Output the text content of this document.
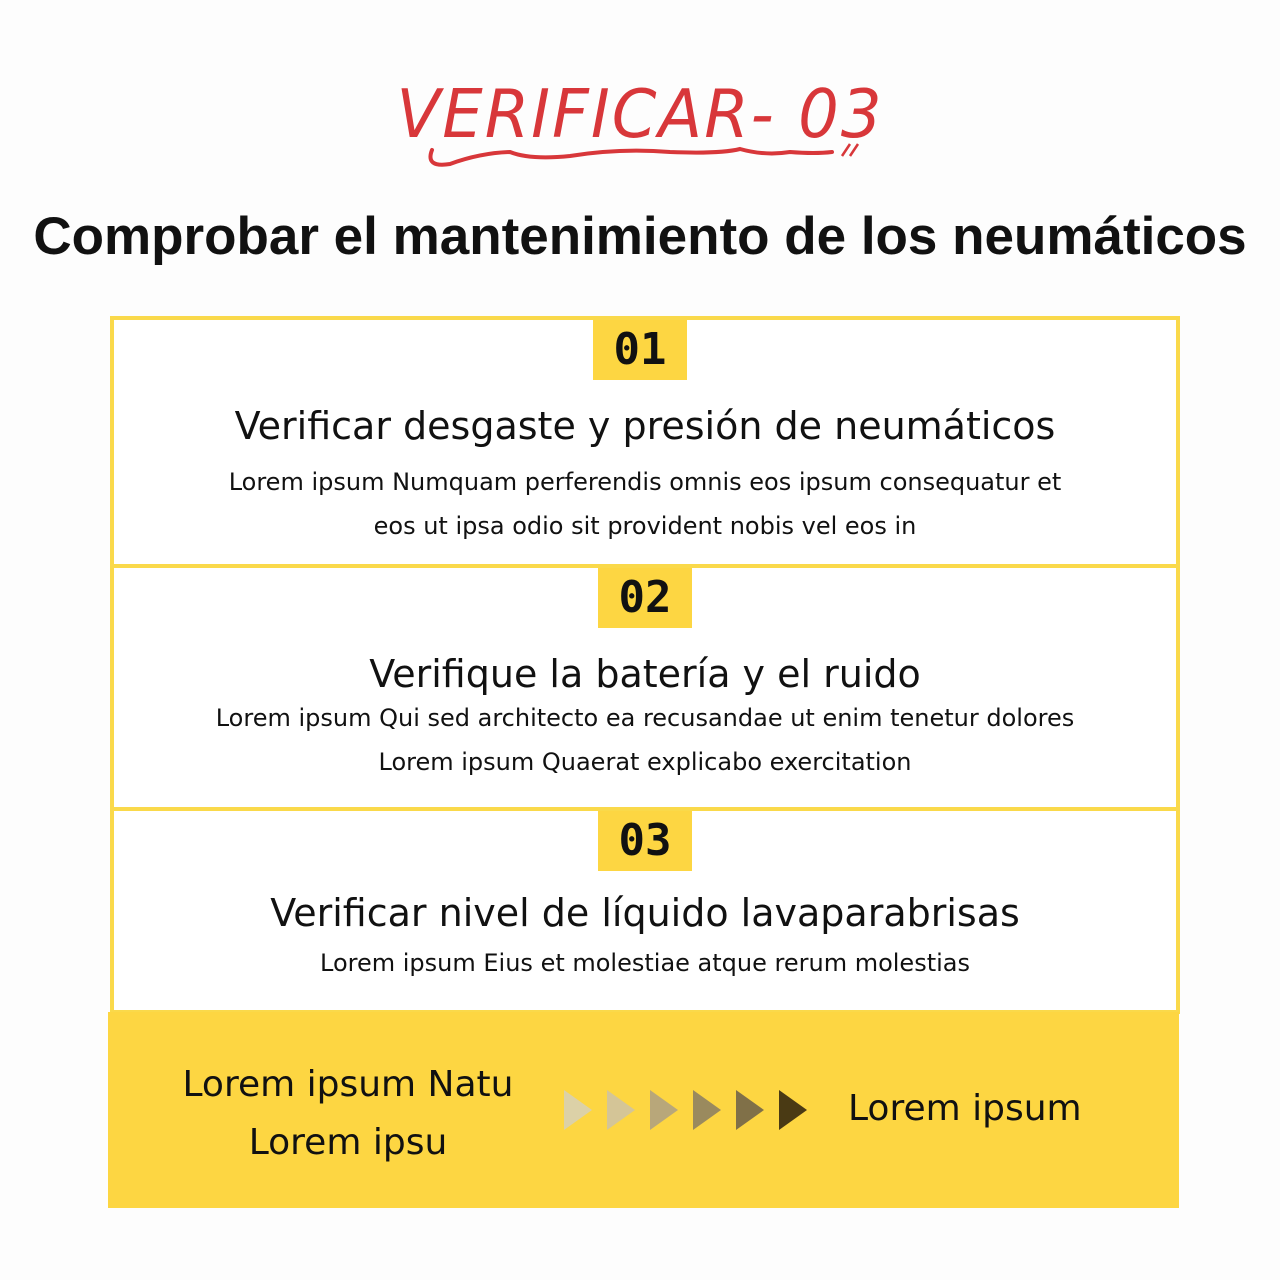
VERIFICAR- 03
Comprobar el mantenimiento de los neumáticos
01
Verificar desgaste y presión de neumáticos

Lorem ipsum Numquam perferendis omnis eos ipsum consequatur et

eos ut ipsa odio sit provident nobis vel eos in

02
Verifique la batería y el ruido

Lorem ipsum Qui sed architecto ea recusandae ut enim tenetur dolores

Lorem ipsum Quaerat explicabo exercitation

03
Verificar nivel de líquido lavaparabrisas

Lorem ipsum Eius et molestiae atque rerum molestias

Lorem ipsum Natu
Lorem ipsu
Lorem ipsum
